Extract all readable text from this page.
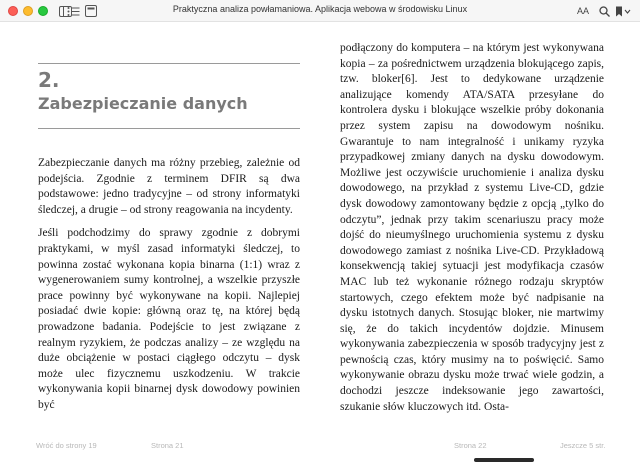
Praktyczna analiza powłamaniowa. Aplikacja webowa w środowisku Linux	AA
2.
Zabezpieczanie danych

Zabezpieczanie danych ma różny przebieg, zależnie od podejścia. Zgodnie z terminem DFIR są dwa podstawowe: jedno tradycyjne – od strony informatyki śledczej, a drugie – od strony reagowania na incydenty.

Jeśli podchodzimy do sprawy zgodnie z dobrymi praktykami, w myśl zasad informatyki śledczej, to powinna zostać wykonana kopia binarna (1:1) wraz z wygenerowaniem sumy kontrolnej, a wszelkie przyszłe prace powinny być wykonywane na kopii. Najlepiej posiadać dwie kopie: główną oraz tę, na której będą prowadzone badania. Podejście to jest związane z realnym ryzykiem, że podczas analizy – ze względu na duże obciążenie w postaci ciągłego odczytu – dysk może ulec fizycznemu uszkodzeniu. W trakcie wykonywania kopii binarnej dysk dowodowy powinien być

podłączony do komputera – na którym jest wykonywana kopia – za pośrednictwem urządzenia blokującego zapis, tzw. bloker[6]. Jest to dedykowane urządzenie analizujące komendy ATA/SATA przesyłane do kontrolera dysku i blokujące wszelkie próby dokonania przez system zapisu na dowodowym nośniku. Gwarantuje to nam integralność i unikamy ryzyka przypadkowej zmiany danych na dysku dowodowym. Możliwe jest oczywiście uruchomienie i analiza dysku dowodowego, na przykład z systemu Live-CD, gdzie dysk dowodowy zamontowany będzie z opcją „tylko do odczytu”, jednak przy takim scenariuszu pracy może dojść do nieumyślnego uruchomienia systemu z dysku dowodowego zamiast z nośnika Live-CD. Przykładową konsekwencją takiej sytuacji jest modyfikacja czasów MAC lub też wykonanie różnego rodzaju skryptów startowych, czego efektem może być nadpisanie na dysku istotnych danych. Stosując bloker, nie martwimy się, że do takich incydentów dojdzie. Minusem wykonywania zabezpieczenia w sposób tradycyjny jest z pewnością czas, który musimy na to poświęcić. Samo wykonywanie obrazu dysku może trwać wiele godzin, a dochodzi jeszcze indeksowanie jego zawartości, szukanie słów kluczowych itd. Osta-

Wróć do strony 19	Strona 21	Strona 22	Jeszcze 5 str.
